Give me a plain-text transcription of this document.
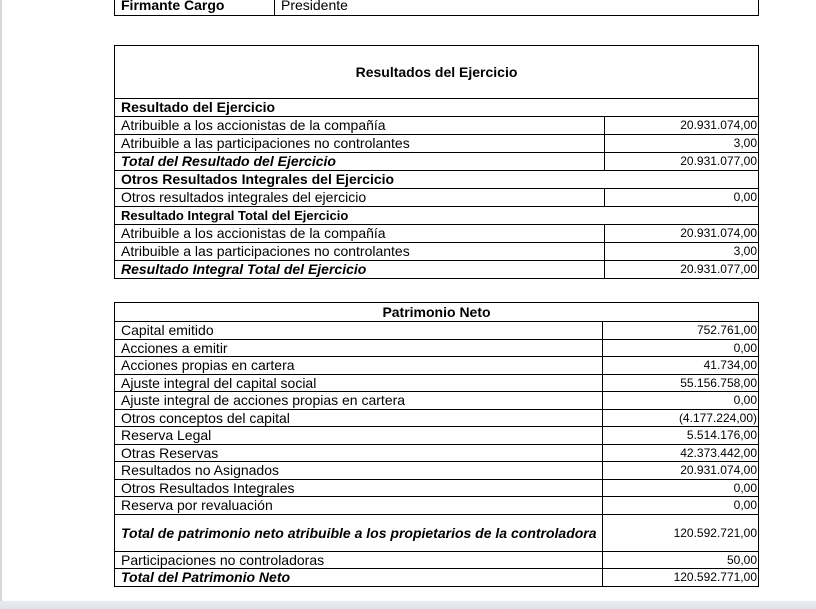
Firmante Cargo	Presidente
Resultados del Ejercicio	
Resultado del Ejercicio	
Atribuible a los accionistas de la compañía	20.931.074,00
Atribuible a las participaciones no controlantes	3,00
Total del Resultado del Ejercicio	20.931.077,00
Otros Resultados Integrales del Ejercicio	
Otros resultados integrales del ejercicio	0,00
Resultado Integral Total del Ejercicio	
Atribuible a los accionistas de la compañía	20.931.074,00
Atribuible a las participaciones no controlantes	3,00
Resultado Integral Total del Ejercicio	20.931.077,00
Patrimonio Neto	
Capital emitido	752.761,00
Acciones a emitir	0,00
Acciones propias en cartera	41.734,00
Ajuste integral del capital social	55.156.758,00
Ajuste integral de acciones propias en cartera	0,00
Otros conceptos del capital	(4.177.224,00)
Reserva Legal	5.514.176,00
Otras Reservas	42.373.442,00
Resultados no Asignados	20.931.074,00
Otros Resultados Integrales	0,00
Reserva por revaluación	0,00
Total de patrimonio neto atribuible a los propietarios de la controladora	120.592.721,00
Participaciones no controladoras	50,00
Total del Patrimonio Neto	120.592.771,00
